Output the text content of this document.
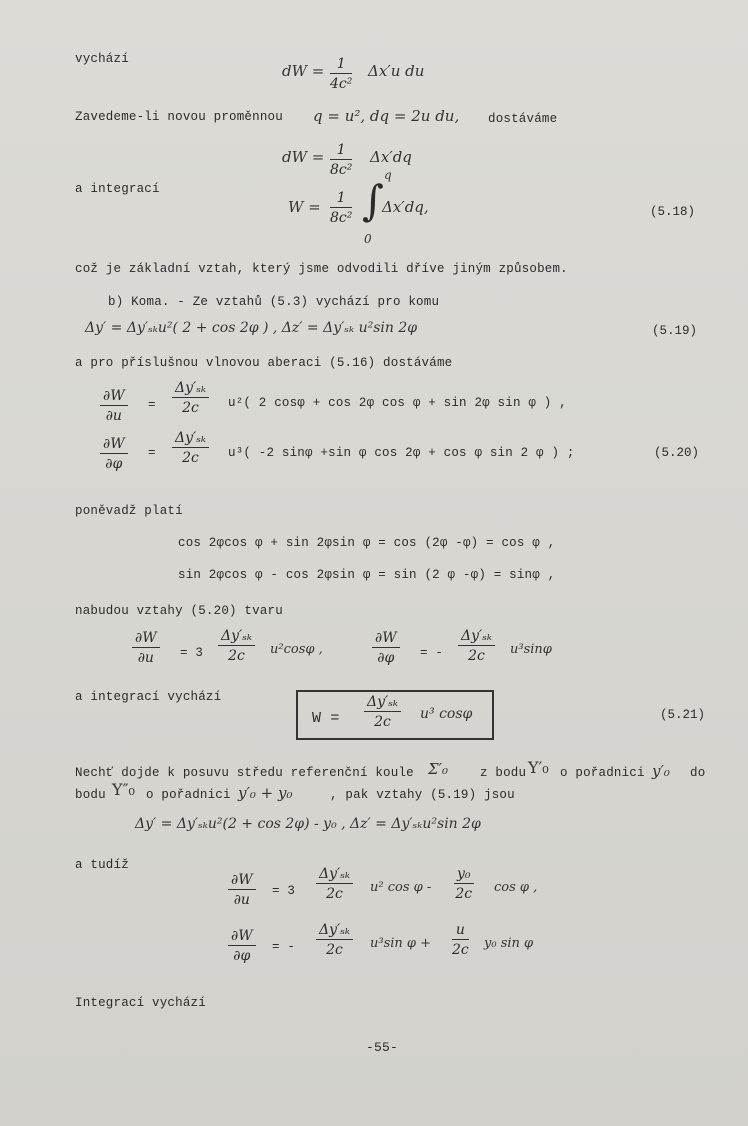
vychází
dW = $\frac{1}{\text{4c²}} \Delta x'u$ du
Zavedeme-li novou proměnnou q = u², dq = 2u du, dostáváme
dW = $\frac{1}{\text{8c²}} \Delta x'dq$
a integrací
$W = \frac{1}{\text{8c²}}$
q
∫
0
Δx′dq,	(5.18)
což je základní vztah, který jsme odvodili dříve jiným způsobem.
b) Koma. - Ze vztahů (5.3) vychází pro komu
Δy′ = Δy′ₛₖu²( 2 + cos 2φ ) , Δz′ = Δy′ₛₖ u²sin 2φ	(5.19)
a pro příslušnou vlnovou aberaci (5.16) dostáváme
$\frac{\partial W}{\partial u} = \frac{\text{Δy′ₛₖ}}{2c} u^2$( 2 cosφ + cos 2φ cos φ + sin 2φ sin φ ) ,
$\frac{\partial W}{\partial\varphi} = \frac{\text{Δy′ₛₖ}}{2c} u^3$( -2 sinφ +sin φ cos 2φ + cos φ sin 2 φ ) ;	(5.20)
poněvadž platí
cos 2φcos φ + sin 2φsin φ = cos (2φ -φ) = cos φ ,
sin 2φcos φ - cos 2φsin φ = sin (2 φ -φ) = sinφ ,
nabudou vztahy (5.20) tvaru
$\frac{\partial W}{\partial u} = 3 \frac{\text{Δy′ₛₖ}}{2c} u^2\cos\varphi$ ,	$\frac{\partial W}{\partial\varphi}$ = - $\frac{\text{Δy′ₛₖ}}{2c} u^3\sin\varphi$
a integrací vychází
$W = \frac{\text{Δy′ₛₖ}}{2c} u^3$ cosφ	(5.21)
Nechť dojde k posuvu středu referenční koule Σ′₀	z bodu Y′₀ o pořadnici y′₀ do
bodu Y″₀ o pořadnici y′₀ + y₀	, pak vztahy (5.19) jsou
Δy′ = Δy′ₛₖu²(2 + cos 2φ) - y₀ , Δz′ = Δy′ₛₖu²sin 2φ
a tudíž
$\frac{\partial W}{\partial u} = 3 \frac{\text{Δy′ₛₖ}}{2c} u^2$ cos φ - $\frac{\text{y₀}}{2c}$ cos φ ,
$\frac{\partial W}{\partial\varphi}$ = - $\frac{\text{Δy′ₛₖ}}{2c} u^3\sin$ $\varphi + \frac{u}{2c} y_0$ sin φ
Integrací vychází
-55-
